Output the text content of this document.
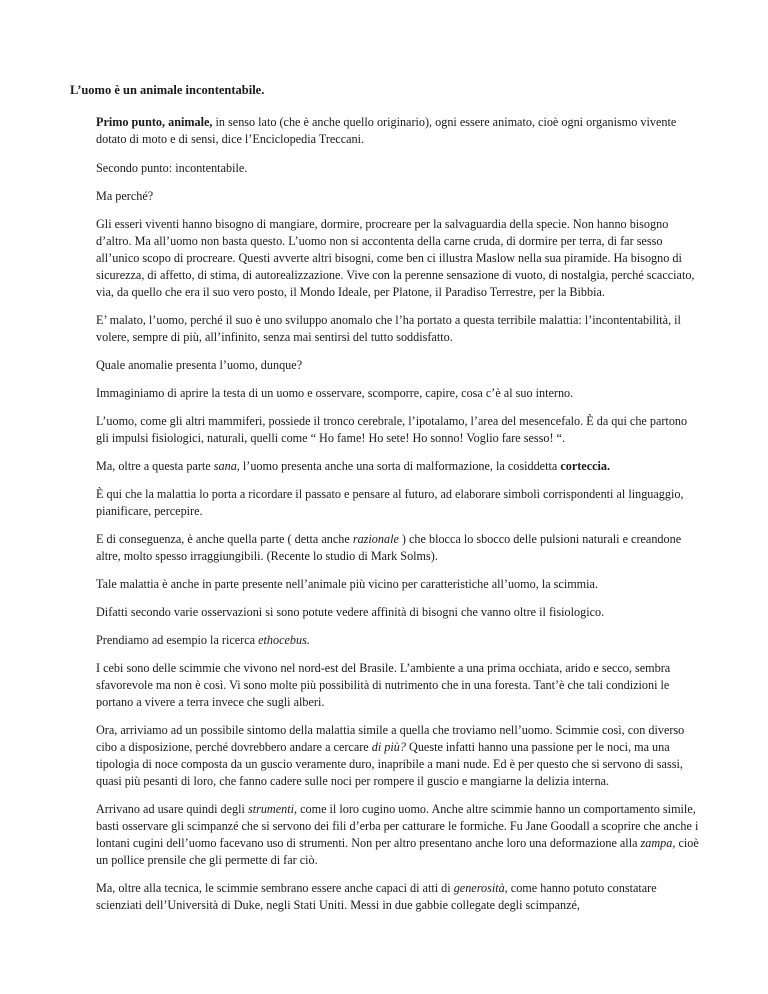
L’uomo è un animale incontentabile.

Primo punto, animale, in senso lato (che è anche quello originario), ogni essere animato, cioè ogni organismo vivente dotato di moto e di sensi, dice l’Enciclopedia Treccani.

Secondo punto: incontentabile.

Ma perché?

Gli esseri viventi hanno bisogno di mangiare, dormire, procreare per la salvaguardia della specie. Non hanno bisogno d’altro. Ma all’uomo non basta questo. L’uomo non si accontenta della carne cruda, di dormire per terra, di far sesso all’unico scopo di procreare. Questi avverte altri bisogni, come ben ci illustra Maslow nella sua piramide. Ha bisogno di sicurezza, di affetto, di stima, di autorealizzazione. Vive con la perenne sensazione di vuoto, di nostalgia, perché scacciato, via, da quello che era il suo vero posto, il Mondo Ideale, per Platone, il Paradiso Terrestre, per la Bibbia.

E’ malato, l’uomo, perché il suo è uno sviluppo anomalo che l’ha portato a questa terribile malattia: l’incontentabilità, il volere, sempre di più, all’infinito, senza mai sentirsi del tutto soddisfatto.

Quale anomalie presenta l’uomo, dunque?

Immaginiamo di aprire la testa di un uomo e osservare, scomporre, capire, cosa c’è al suo interno.

L’uomo, come gli altri mammiferi, possiede il tronco cerebrale, l’ipotalamo, l’area del mesencefalo. È da qui che partono gli impulsi fisiologici, naturali, quelli come “ Ho fame! Ho sete! Ho sonno! Voglio fare sesso! “.

Ma, oltre a questa parte sana, l’uomo presenta anche una sorta di malformazione, la cosiddetta corteccia.

È qui che la malattia lo porta a ricordare il passato e pensare al futuro, ad elaborare simboli corrispondenti al linguaggio, pianificare, percepire.

E di conseguenza, è anche quella parte ( detta anche razionale ) che blocca lo sbocco delle pulsioni naturali e creandone altre, molto spesso irraggiungibili. (Recente lo studio di Mark Solms).

Tale malattia è anche in parte presente nell’animale più vicino per caratteristiche all’uomo, la scimmia.

Difatti secondo varie osservazioni si sono potute vedere affinità di bisogni che vanno oltre il fisiologico.

Prendiamo ad esempio la ricerca ethocebus.

I cebi sono delle scimmie che vivono nel nord-est del Brasile. L’ambiente a una prima occhiata, arido e secco, sembra sfavorevole ma non è così. Vi sono molte più possibilità di nutrimento che in una foresta. Tant’è che tali condizioni le portano a vivere a terra invece che sugli alberi.

Ora, arriviamo ad un possibile sintomo della malattia simile a quella che troviamo nell’uomo. Scimmie così, con diverso cibo a disposizione, perché dovrebbero andare a cercare di più? Queste infatti hanno una passione per le noci, ma una tipologia di noce composta da un guscio veramente duro, inapribile a mani nude. Ed è per questo che si servono di sassi, quasi più pesanti di loro, che fanno cadere sulle noci per rompere il guscio e mangiarne la delizia interna.

Arrivano ad usare quindi degli strumenti, come il loro cugino uomo. Anche altre scimmie hanno un comportamento simile, basti osservare gli scimpanzé che si servono dei fili d’erba per catturare le formiche. Fu Jane Goodall a scoprire che anche i lontani cugini dell’uomo facevano uso di strumenti. Non per altro presentano anche loro una deformazione alla zampa, cioè un pollice prensile che gli permette di far ciò.

Ma, oltre alla tecnica, le scimmie sembrano essere anche capaci di atti di generosità, come hanno potuto constatare scienziati dell’Università di Duke, negli Stati Uniti. Messi in due gabbie collegate degli scimpanzé,
